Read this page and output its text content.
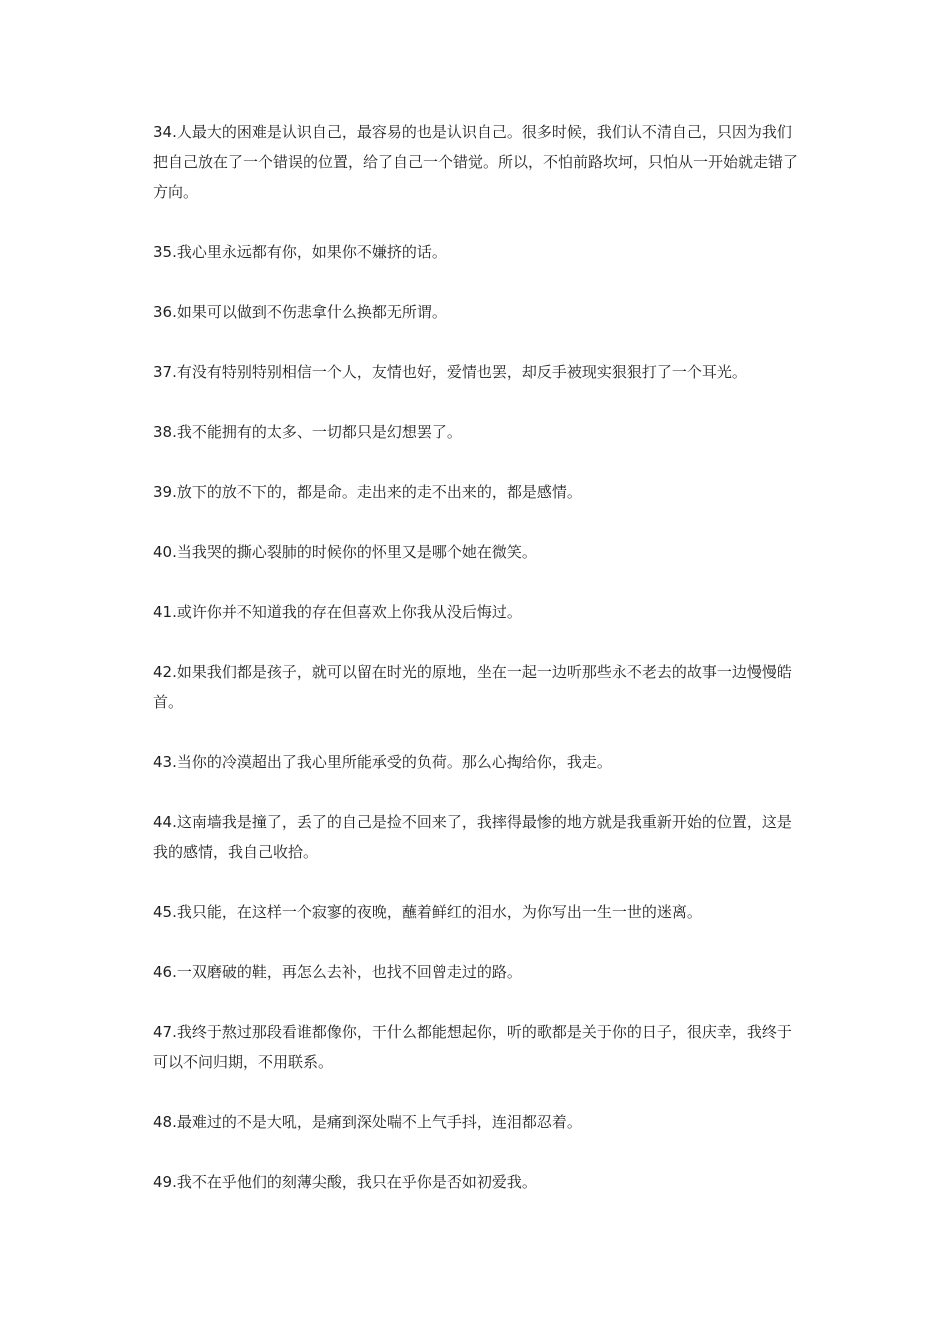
34.人最大的困难是认识自己，最容易的也是认识自己。很多时候，我们认不清自己，只因为我们把自己放在了一个错误的位置，给了自己一个错觉。所以，不怕前路坎坷，只怕从一开始就走错了方向。

35.我心里永远都有你，如果你不嫌挤的话。

36.如果可以做到不伤悲拿什么换都无所谓。

37.有没有特别特别相信一个人，友情也好，爱情也罢，却反手被现实狠狠打了一个耳光。

38.我不能拥有的太多、一切都只是幻想罢了。

39.放下的放不下的，都是命。走出来的走不出来的，都是感情。

40.当我哭的撕心裂肺的时候你的怀里又是哪个她在微笑。

41.或许你并不知道我的存在但喜欢上你我从没后悔过。

42.如果我们都是孩子，就可以留在时光的原地，坐在一起一边听那些永不老去的故事一边慢慢皓首。

43.当你的冷漠超出了我心里所能承受的负荷。那么心掏给你，我走。

44.这南墙我是撞了，丢了的自己是捡不回来了，我摔得最惨的地方就是我重新开始的位置，这是我的感情，我自己收拾。

45.我只能，在这样一个寂寥的夜晚，蘸着鲜红的泪水，为你写出一生一世的迷离。

46.一双磨破的鞋，再怎么去补，也找不回曾走过的路。

47.我终于熬过那段看谁都像你，干什么都能想起你，听的歌都是关于你的日子，很庆幸，我终于可以不问归期，不用联系。

48.最难过的不是大吼，是痛到深处喘不上气手抖，连泪都忍着。

49.我不在乎他们的刻薄尖酸，我只在乎你是否如初爱我。
